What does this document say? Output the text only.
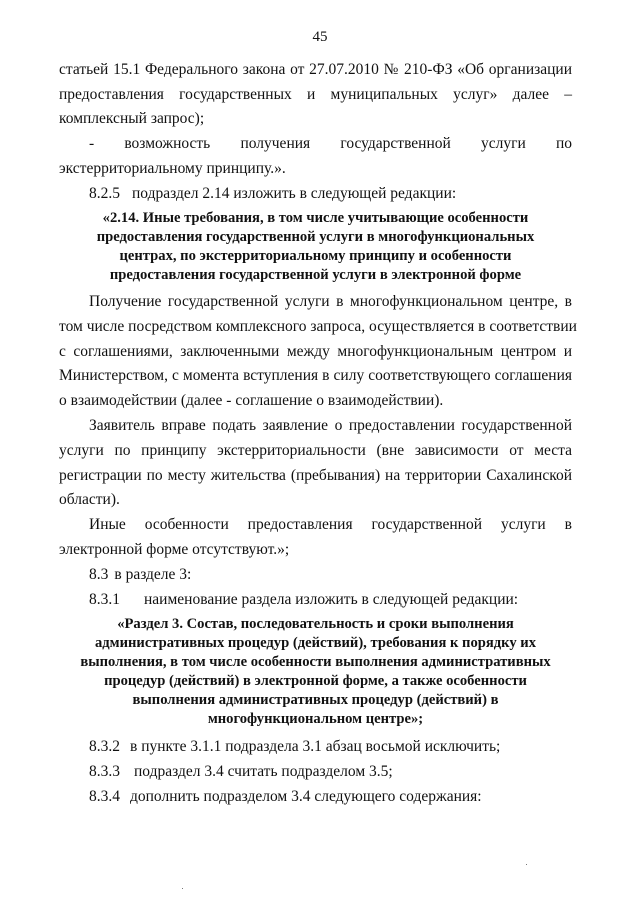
45
статьей 15.1 Федерального закона от 27.07.2010 № 210-ФЗ «Об организации
предоставления государственных и муниципальных услуг» далее –
комплексный запрос);
- возможность получения государственной услуги по
экстерриториальному принципу.».
8.2.5 подраздел 2.14 изложить в следующей редакции:
«2.14. Иные требования, в том числе учитывающие особенности
предоставления государственной услуги в многофункциональных
центрах, по экстерриториальному принципу и особенности
предоставления государственной услуги в электронной форме
Получение государственной услуги в многофункциональном центре, в
том числе посредством комплексного запроса, осуществляется в соответствии
с соглашениями, заключенными между многофункциональным центром и
Министерством, с момента вступления в силу соответствующего соглашения
о взаимодействии (далее - соглашение о взаимодействии).
Заявитель вправе подать заявление о предоставлении государственной
услуги по принципу экстерриториальности (вне зависимости от места
регистрации по месту жительства (пребывания) на территории Сахалинской
области).
Иные особенности предоставления государственной услуги в
электронной форме отсутствуют.»;
8.3 в разделе 3:
8.3.1 наименование раздела изложить в следующей редакции:
«Раздел 3. Состав, последовательность и сроки выполнения
административных процедур (действий), требования к порядку их
выполнения, в том числе особенности выполнения административных
процедур (действий) в электронной форме, а также особенности
выполнения административных процедур (действий) в
многофункциональном центре»;
8.3.2 в пункте 3.1.1 подраздела 3.1 абзац восьмой исключить;
8.3.3 подраздел 3.4 считать подразделом 3.5;
8.3.4 дополнить подразделом 3.4 следующего содержания:
